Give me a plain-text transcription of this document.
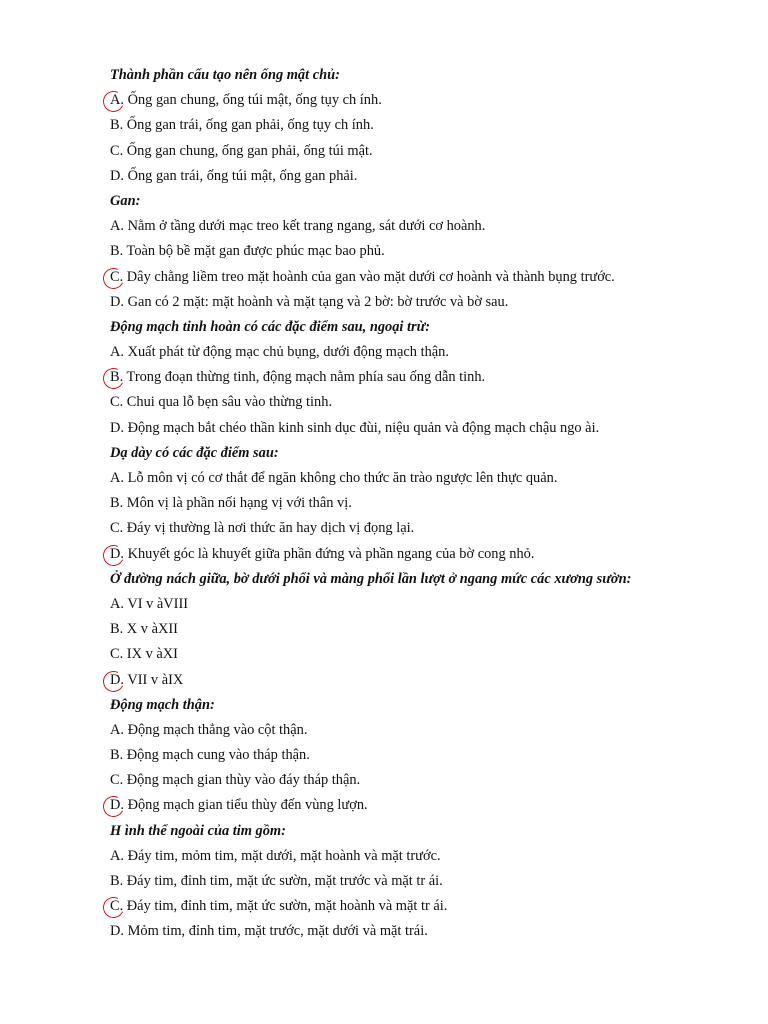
Thành phần cấu tạo nên ống mật chủ:
A. Ống gan chung, ống túi mật, ống tụy ch ính.
B. Ống gan trái, ống gan phải, ống tụy ch ính.
C. Ống gan chung, ống gan phải, ống túi mật.
D. Ống gan trái, ống túi mật, ống gan phải.
Gan:
A. Nằm ở tầng dưới mạc treo kết trang ngang, sát dưới cơ hoành.
B. Toàn bộ bề mặt gan được phúc mạc bao phủ.
C. Dây chằng liềm treo mặt hoành của gan vào mặt dưới cơ hoành và thành bụng trước.
D. Gan có 2 mặt: mặt hoành và mặt tạng và 2 bờ: bờ trước và bờ sau.
Động mạch tinh hoàn có các đặc điểm sau, ngoại trừ:
A. Xuất phát từ động mạc chủ bụng, dưới động mạch thận.
B. Trong đoạn thừng tinh, động mạch nằm phía sau ống dẫn tinh.
C. Chui qua lỗ bẹn sâu vào thừng tinh.
D. Động mạch bắt chéo thần kinh sinh dục đùi, niệu quản và động mạch chậu ngo ài.
Dạ dày có các đặc điểm sau:
A. Lỗ môn vị có cơ thắt để ngăn không cho thức ăn trào ngược lên thực quản.
B. Môn vị là phần nối hạng vị với thân vị.
C. Đáy vị thường là nơi thức ăn hay dịch vị đọng lại.
D. Khuyết góc là khuyết giữa phần đứng và phần ngang của bờ cong nhỏ.
Ở đường nách giữa, bờ dưới phổi và màng phổi lần lượt ở ngang mức các xương sườn:
A. VI v àVIII
B. X v àXII
C. IX v àXI
D. VII v àIX
Động mạch thận:
A. Động mạch thẳng vào cột thận.
B. Động mạch cung vào tháp thận.
C. Động mạch gian thùy vào đáy tháp thận.
D. Động mạch gian tiểu thùy đến vùng lượn.
H ình thể ngoài của tim gồm:
A. Đáy tim, mỏm tim, mặt dưới, mặt hoành và mặt trước.
B. Đáy tim, đỉnh tim, mặt ức sườn, mặt trước và mặt tr ái.
C. Đáy tim, đỉnh tim, mặt ức sườn, mặt hoành và mặt tr ái.
D. Mỏm tim, đỉnh tim, mặt trước, mặt dưới và mặt trái.
